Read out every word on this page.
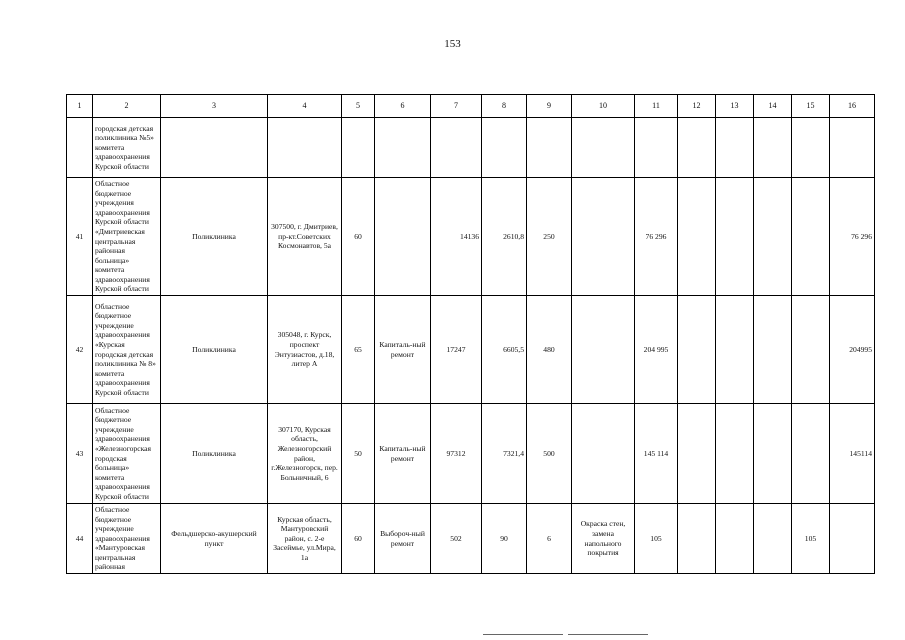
153
1	2	3	4	5	6	7	8	9	10	11	12	13	14	15	16
	городская детская поликлиника №5» комитета здравоохранения Курской области														
41	Областное бюджетное учреждения здравоохранения Курской области «Дмитриевская центральная районная больница» комитета здравоохранения Курской области	Поликлиника	307500, г. Дмитриев, пр-кт.Советских Космонавтов, 5а	60		14136	2610,8	250		76 296					76 296
42	Областное бюджетное учреждение здравоохранения «Курская городская детская поликлиника № 8» комитета здравоохранения Курской области	Поликлиника	305048, г. Курск, проспект Энтузиастов, д.18, литер А	65	Капиталь-ный ремонт	17247	6605,5	480		204 995					204995
43	Областное бюджетное учреждение здравоохранения «Железногорская городская больница» комитета здравоохранения Курской области	Поликлиника	307170, Курская область, Железногорский район, г.Железногорск, пер. Больничный, 6	50	Капиталь-ный ремонт	97312	7321,4	500		145 114					145114
44	Областное бюджетное учреждение здравоохранения «Мантуровская центральная районная	Фельдшерско-акушерский пункт	Курская область, Мантуровский район, с. 2-е Засеймье, ул.Мира, 1а	60	Выбороч-ный ремонт	502	90	6	Окраска стен, замена напольного покрытия	105				105	
